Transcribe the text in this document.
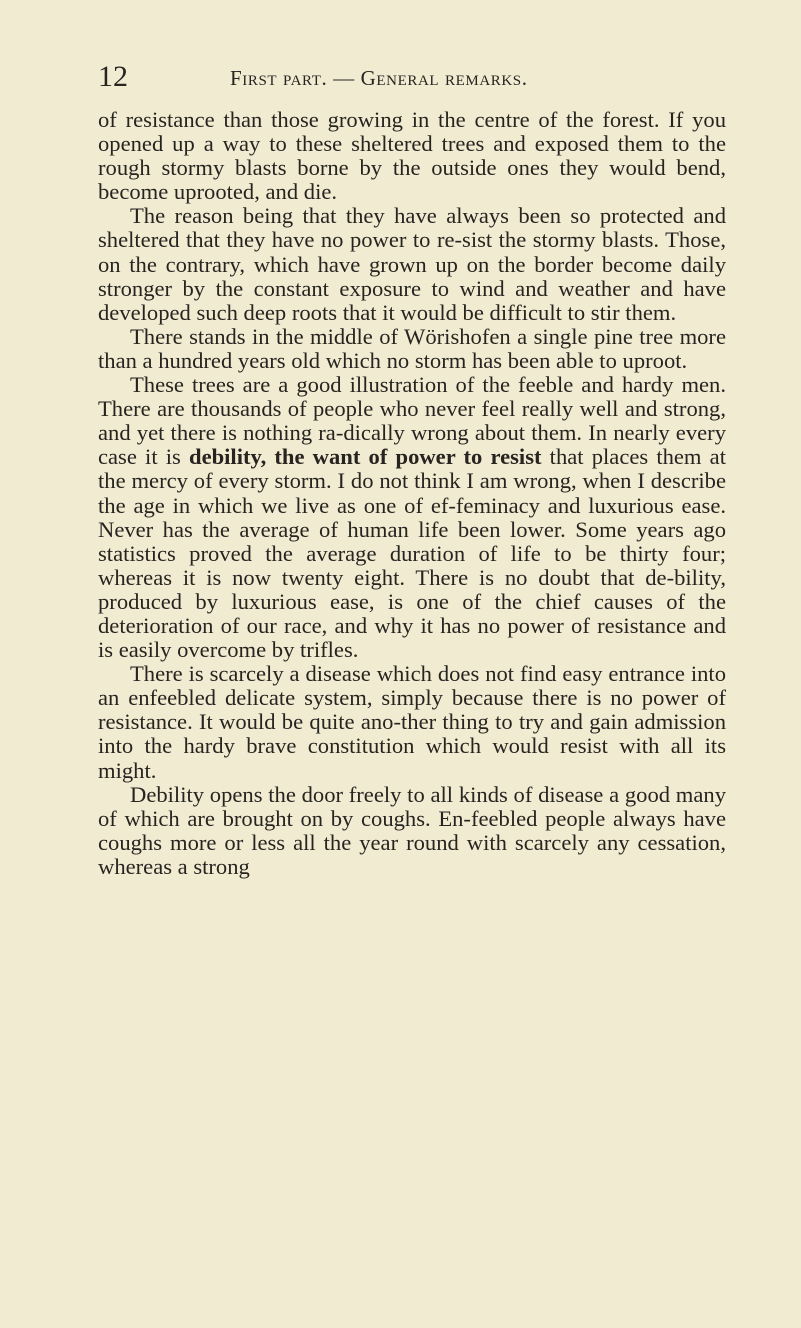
12	First part. — General remarks.

of resistance than those growing in the centre of the forest. If you opened up a way to these sheltered trees and exposed them to the rough stormy blasts borne by the outside ones they would bend, become uprooted, and die.

The reason being that they have always been so protected and sheltered that they have no power to re-sist the stormy blasts. Those, on the contrary, which have grown up on the border become daily stronger by the constant exposure to wind and weather and have developed such deep roots that it would be difficult to stir them.

There stands in the middle of Wörishofen a single pine tree more than a hundred years old which no storm has been able to uproot.

These trees are a good illustration of the feeble and hardy men. There are thousands of people who never feel really well and strong, and yet there is nothing ra-dically wrong about them. In nearly every case it is debility, the want of power to resist that places them at the mercy of every storm. I do not think I am wrong, when I describe the age in which we live as one of ef-feminacy and luxurious ease. Never has the average of human life been lower. Some years ago statistics proved the average duration of life to be thirty four; whereas it is now twenty eight. There is no doubt that de-bility, produced by luxurious ease, is one of the chief causes of the deterioration of our race, and why it has no power of resistance and is easily overcome by trifles.

There is scarcely a disease which does not find easy entrance into an enfeebled delicate system, simply because there is no power of resistance. It would be quite ano-ther thing to try and gain admission into the hardy brave constitution which would resist with all its might.

Debility opens the door freely to all kinds of disease a good many of which are brought on by coughs. En-feebled people always have coughs more or less all the year round with scarcely any cessation, whereas a strong
